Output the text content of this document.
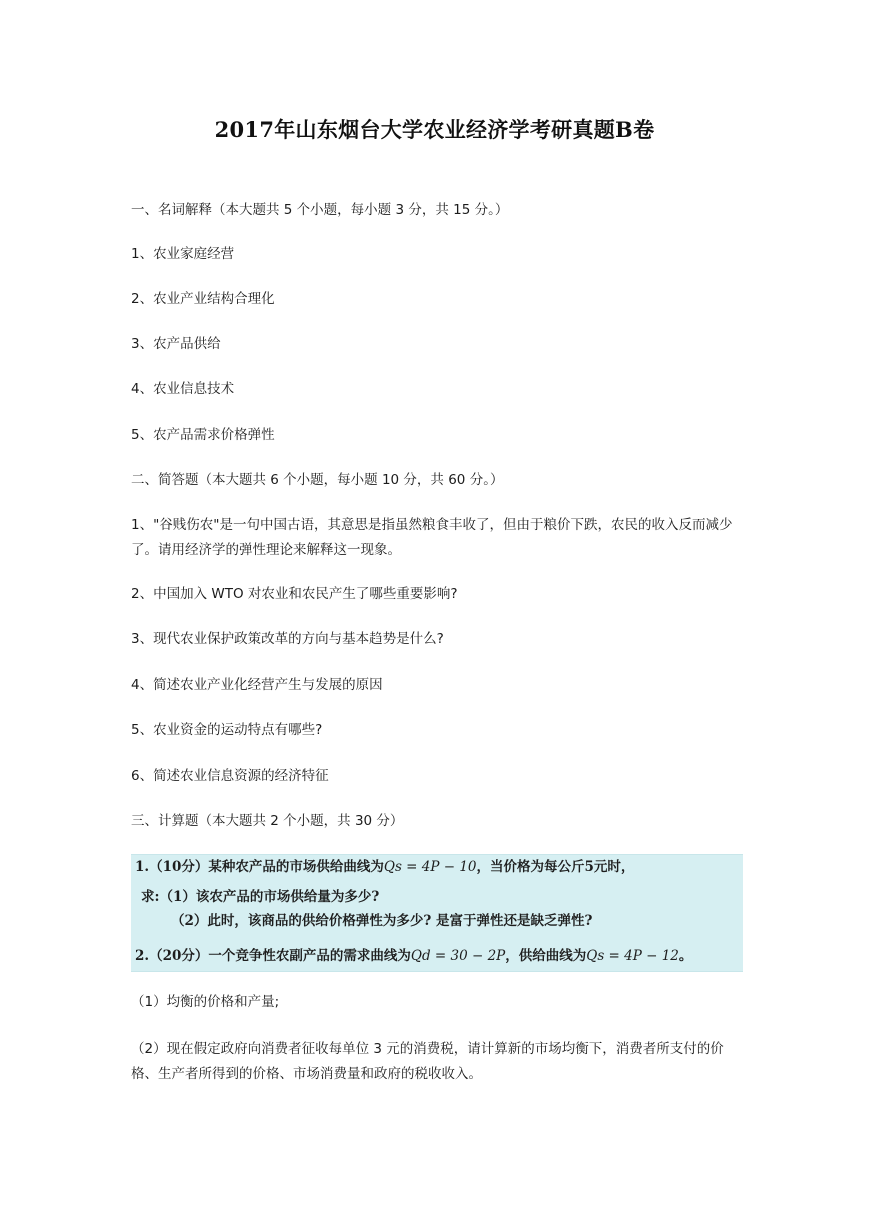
2017年山东烟台大学农业经济学考研真题B卷
一、名词解释（本大题共 5 个小题，每小题 3 分，共 15 分。）
1、农业家庭经营
2、农业产业结构合理化
3、农产品供给
4、农业信息技术
5、农产品需求价格弹性
二、简答题（本大题共 6 个小题，每小题 10 分，共 60 分。）
1、"谷贱伤农"是一句中国古语，其意思是指虽然粮食丰收了，但由于粮价下跌，农民的收入反而减少了。请用经济学的弹性理论来解释这一现象。
2、中国加入 WTO 对农业和农民产生了哪些重要影响?
3、现代农业保护政策改革的方向与基本趋势是什么?
4、简述农业产业化经营产生与发展的原因
5、农业资金的运动特点有哪些?
6、简述农业信息资源的经济特征
三、计算题（本大题共 2 个小题，共 30 分）
1.（10分）某种农产品的市场供给曲线为Qs = 4P − 10，当价格为每公斤5元时，
求:（1）该农产品的市场供给量为多少?
（2）此时，该商品的供给价格弹性为多少? 是富于弹性还是缺乏弹性?
2.（20分）一个竞争性农副产品的需求曲线为Qd = 30 − 2P，供给曲线为Qs = 4P − 12。
（1）均衡的价格和产量;
（2）现在假定政府向消费者征收每单位 3 元的消费税，请计算新的市场均衡下，消费者所支付的价格、生产者所得到的价格、市场消费量和政府的税收收入。
